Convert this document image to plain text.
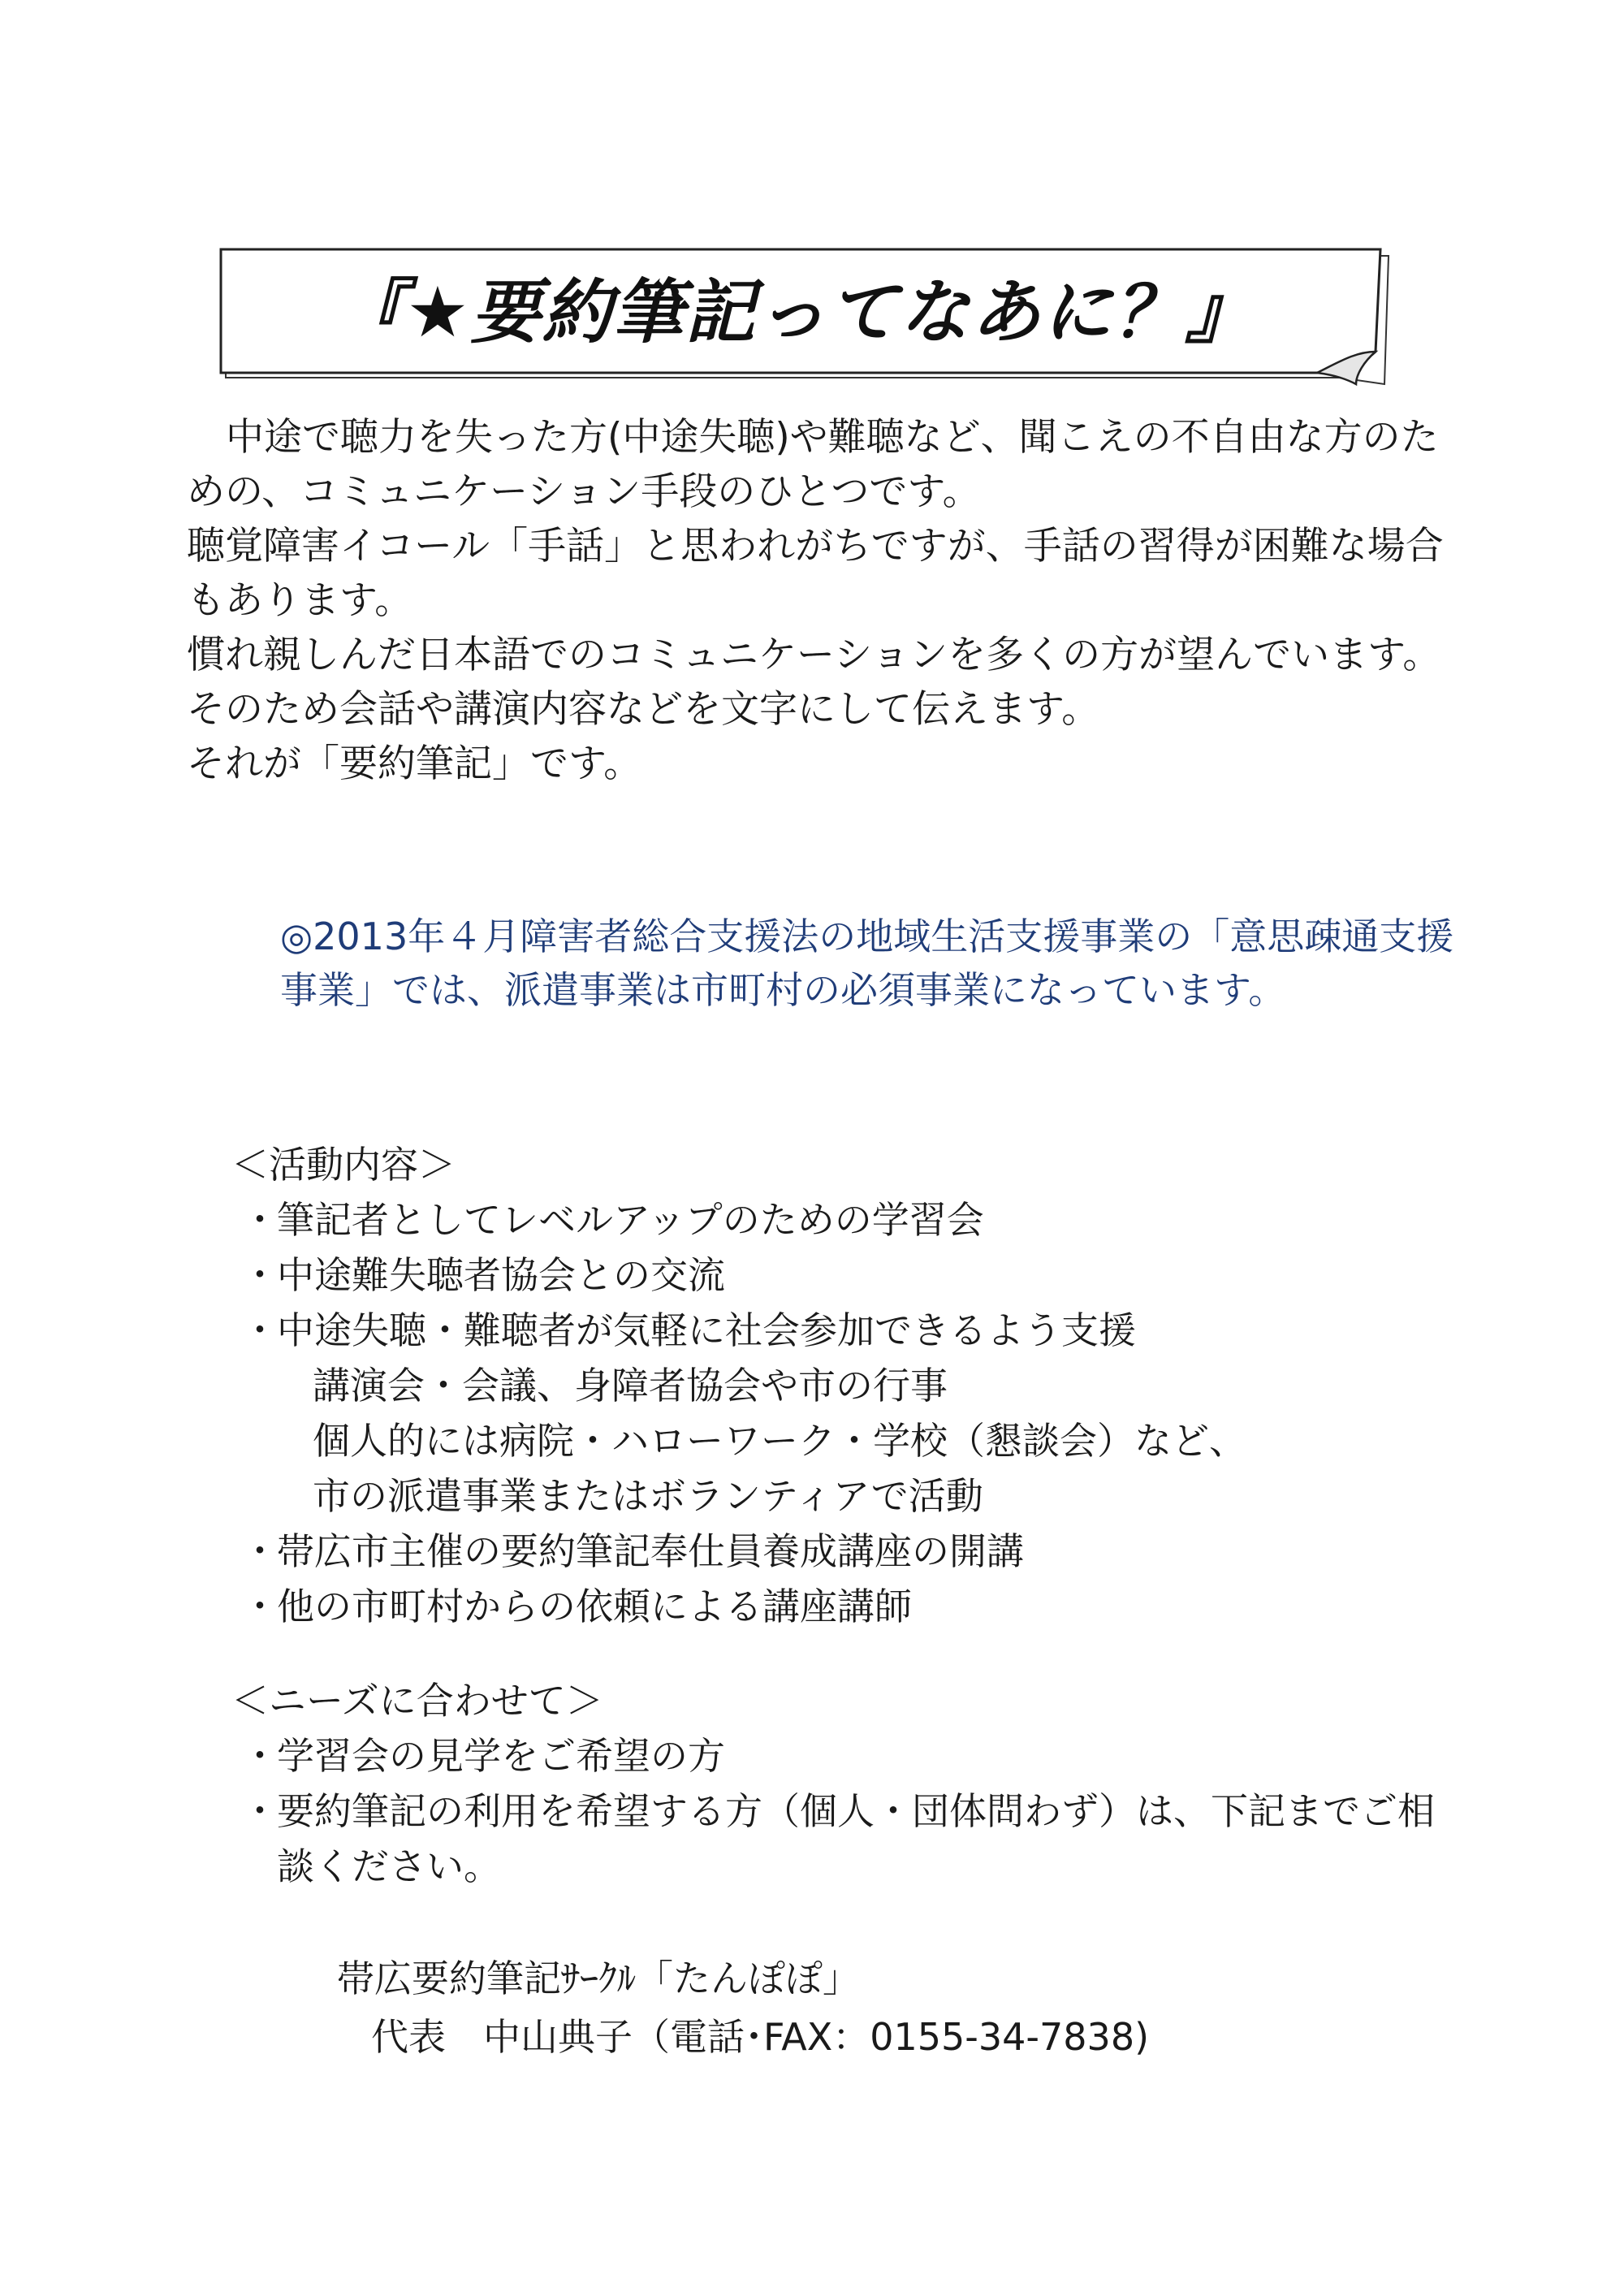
『★要約筆記ってなあに？』

中途で聴力を失った方(中途失聴)や難聴など、聞こえの不自由な方のための、コミュニケーション手段のひとつです。

聴覚障害イコール「手話」と思われがちですが、手話の習得が困難な場合もあります。

慣れ親しんだ日本語でのコミュニケーションを多くの方が望んでいます。

そのため会話や講演内容などを文字にして伝えます。

それが「要約筆記」です。

◎2013年４月障害者総合支援法の地域生活支援事業の「意思疎通支援事業」では、派遣事業は市町村の必須事業になっています。

＜活動内容＞

・
筆記者としてレベルアップのための学習会
・
中途難失聴者協会との交流
・
中途失聴・難聴者が気軽に社会参加できるよう支援
講演会・会議、身障者協会や市の行事
個人的には病院・ハローワーク・学校（懇談会）など、
市の派遣事業またはボランティアで活動
・
帯広市主催の要約筆記奉仕員養成講座の開講
・
他の市町村からの依頼による講座講師

＜ニーズに合わせて＞

・
学習会の見学をご希望の方
・
要約筆記の利用を希望する方（個人・団体問わず）は、下記までご相談ください。

帯広要約筆記ｻｰｸﾙ「たんぽぽ」

代表 中山典子（電話･FAX：0155-34-7838)
